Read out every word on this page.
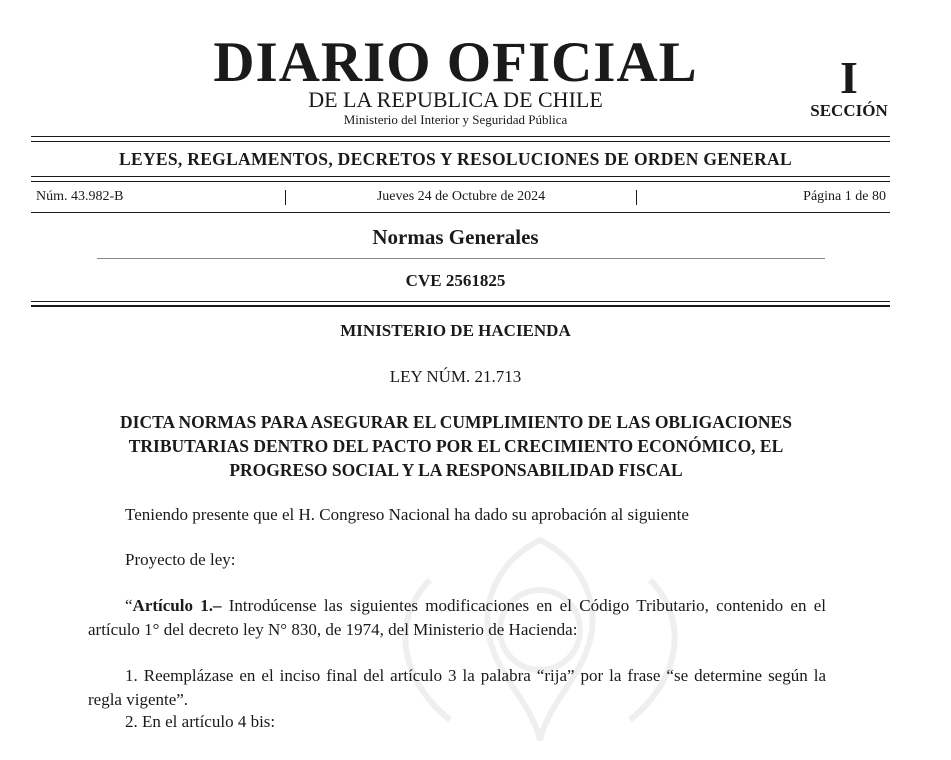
DIARIO OFICIAL
DE LA REPUBLICA DE CHILE
Ministerio del Interior y Seguridad Pública
I
SECCIÓN
LEYES, REGLAMENTOS, DECRETOS Y RESOLUCIONES DE ORDEN GENERAL
Núm. 43.982-B	Jueves 24 de Octubre de 2024	Página 1 de 80
Normas Generales
CVE 2561825
MINISTERIO DE HACIENDA
LEY NÚM. 21.713
DICTA NORMAS PARA ASEGURAR EL CUMPLIMIENTO DE LAS OBLIGACIONES
TRIBUTARIAS DENTRO DEL PACTO POR EL CRECIMIENTO ECONÓMICO, EL
PROGRESO SOCIAL Y LA RESPONSABILIDAD FISCAL
Teniendo presente que el H. Congreso Nacional ha dado su aprobación al siguiente
Proyecto de ley:
“Artículo 1.– Introdúcense las siguientes modificaciones en el Código Tributario, contenido en el artículo 1° del decreto ley N° 830, de 1974, del Ministerio de Hacienda:
1. Reemplázase en el inciso final del artículo 3 la palabra “rija” por la frase “se determine según la regla vigente”.
2. En el artículo 4 bis:
